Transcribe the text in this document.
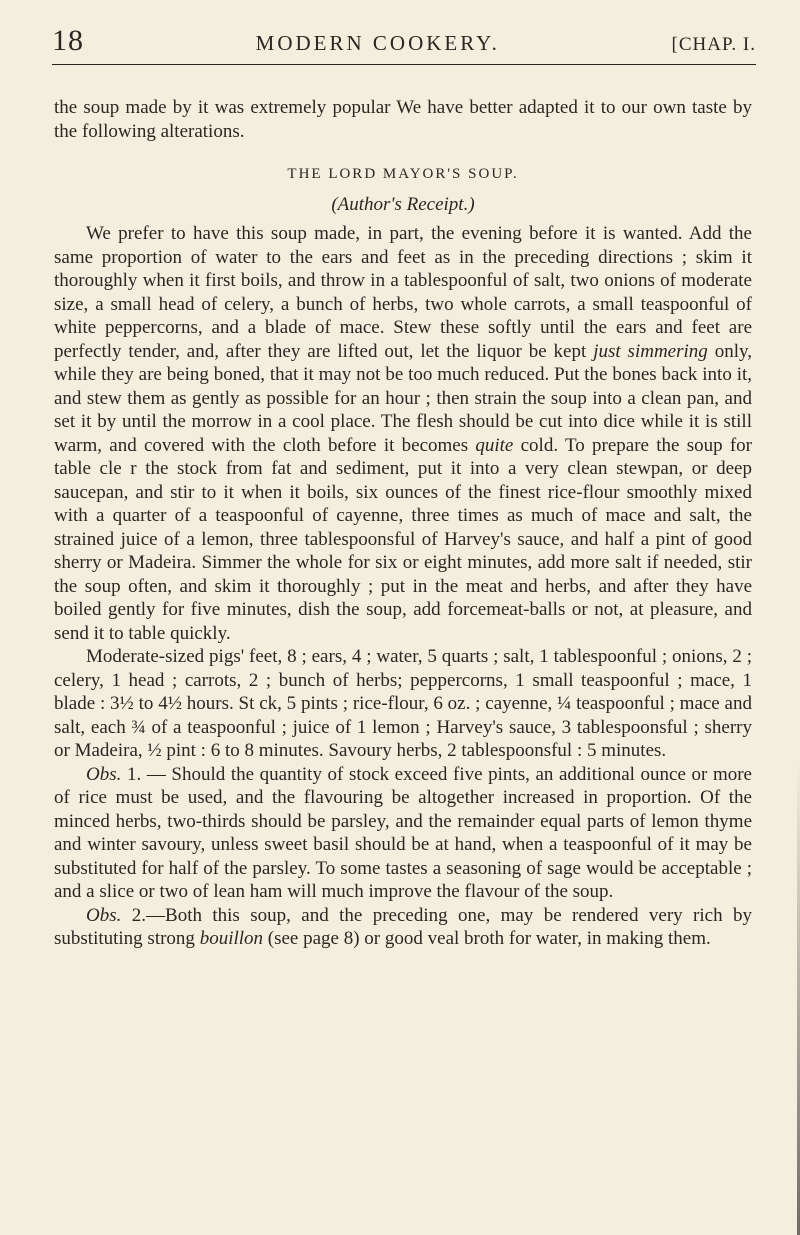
18	MODERN COOKERY.	[CHAP. I.

the soup made by it was extremely popular We have better adapted it to our own taste by the following alterations.

THE LORD MAYOR'S SOUP.
(Author's Receipt.)

We prefer to have this soup made, in part, the evening before it is wanted. Add the same proportion of water to the ears and feet as in the preceding directions ; skim it thoroughly when it first boils, and throw in a tablespoonful of salt, two onions of moderate size, a small head of celery, a bunch of herbs, two whole carrots, a small teaspoonful of white peppercorns, and a blade of mace. Stew these softly until the ears and feet are perfectly tender, and, after they are lifted out, let the liquor be kept just simmering only, while they are being boned, that it may not be too much reduced. Put the bones back into it, and stew them as gently as possible for an hour ; then strain the soup into a clean pan, and set it by until the morrow in a cool place. The flesh should be cut into dice while it is still warm, and covered with the cloth before it becomes quite cold. To prepare the soup for table cle r the stock from fat and sediment, put it into a very clean stewpan, or deep saucepan, and stir to it when it boils, six ounces of the finest rice-flour smoothly mixed with a quarter of a teaspoonful of cayenne, three times as much of mace and salt, the strained juice of a lemon, three tablespoonsful of Harvey's sauce, and half a pint of good sherry or Madeira. Simmer the whole for six or eight minutes, add more salt if needed, stir the soup often, and skim it thoroughly ; put in the meat and herbs, and after they have boiled gently for five minutes, dish the soup, add forcemeat-balls or not, at pleasure, and send it to table quickly.

Moderate-sized pigs' feet, 8 ; ears, 4 ; water, 5 quarts ; salt, 1 tablespoonful ; onions, 2 ; celery, 1 head ; carrots, 2 ; bunch of herbs; peppercorns, 1 small teaspoonful ; mace, 1 blade : 3½ to 4½ hours. St ck, 5 pints ; rice-flour, 6 oz. ; cayenne, ¼ teaspoonful ; mace and salt, each ¾ of a teaspoonful ; juice of 1 lemon ; Harvey's sauce, 3 tablespoonsful ; sherry or Madeira, ½ pint : 6 to 8 minutes. Savoury herbs, 2 tablespoonsful : 5 minutes.

Obs. 1. — Should the quantity of stock exceed five pints, an additional ounce or more of rice must be used, and the flavouring be altogether increased in proportion. Of the minced herbs, two-thirds should be parsley, and the remainder equal parts of lemon thyme and winter savoury, unless sweet basil should be at hand, when a teaspoonful of it may be substituted for half of the parsley. To some tastes a seasoning of sage would be acceptable ; and a slice or two of lean ham will much improve the flavour of the soup.

Obs. 2.—Both this soup, and the preceding one, may be rendered very rich by substituting strong bouillon (see page 8) or good veal broth for water, in making them.
